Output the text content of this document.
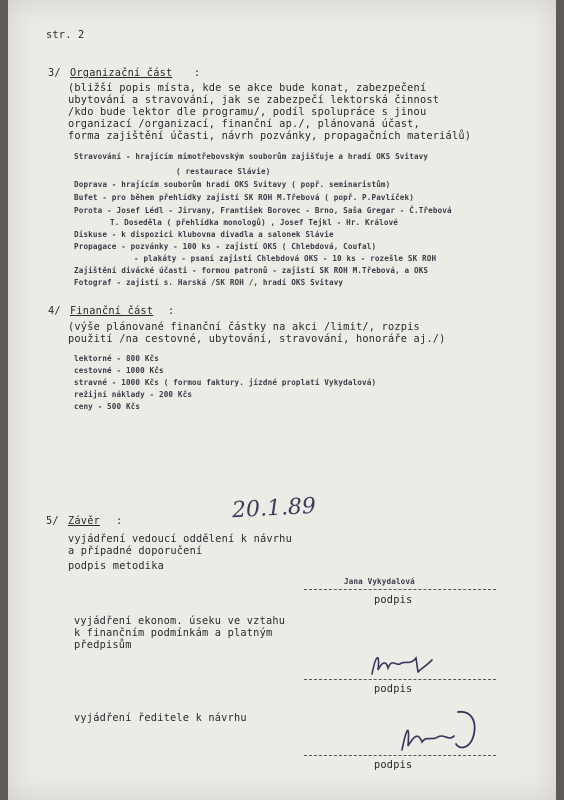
str. 2
3/ Organizační část :
(bližší popis místa, kde se akce bude konat, zabezpečení
ubytování a stravování, jak se zabezpečí lektorská činnost
/kdo bude lektor dle programu/, podíl spolupráce s jinou
organizací /organizací, finanční ap./, plánovaná účast,
forma zajištění účasti, návrh pozvánky, propagačních materiálů)
Stravování - hrajícím mimotřebovským souborům zajišťuje a hradí OKS Svitavy
( restaurace Slávie)
Doprava - hrajícím souborům hradí OKS Svitavy ( popř. seminaristům)
Bufet - pro během přehlídky zajistí SK ROH M.Třebová ( popř. P.Pavlíček)
Porota - Josef Lédl - Jirvany, František Borovec - Brno, Saša Gregar - Č.Třebová
T. Doseděla ( přehlídka monologů) , Josef Tejkl - Hr. Králové
Diskuse - k dispozici klubovna divadla a salonek Slávie
Propagace - pozvánky - 100 ks - zajistí OKS ( Chlebdová, Coufal)
- plakáty - psaní zajistí Chlebdová OKS - 10 ks - rozešle SK ROH
Zajištění divácké účasti - formou patronů - zajistí SK ROH M.Třebová, a OKS
Fotograf - zajistí s. Harská /SK ROH /, hradí OKS Svitavy
4/ Finanční část :
(výše plánované finanční částky na akci /limit/, rozpis
použití /na cestovné, ubytování, stravování, honoráře aj./)
lektorné - 800 Kčs
cestovné - 1000 Kčs
stravné - 1000 Kčs ( formou faktury. jízdné proplatí Vykydalová)
režijní náklady - 200 Kčs
ceny - 500 Kčs
20.1.89
5/ Závěr :
vyjádření vedoucí oddělení k návrhu
a případné doporučení
podpis metodika
Jana Vykydalová
podpis
vyjádření ekonom. úseku ve vztahu
k finančním podmínkám a platným
předpisům
podpis
vyjádření ředitele k návrhu
podpis
